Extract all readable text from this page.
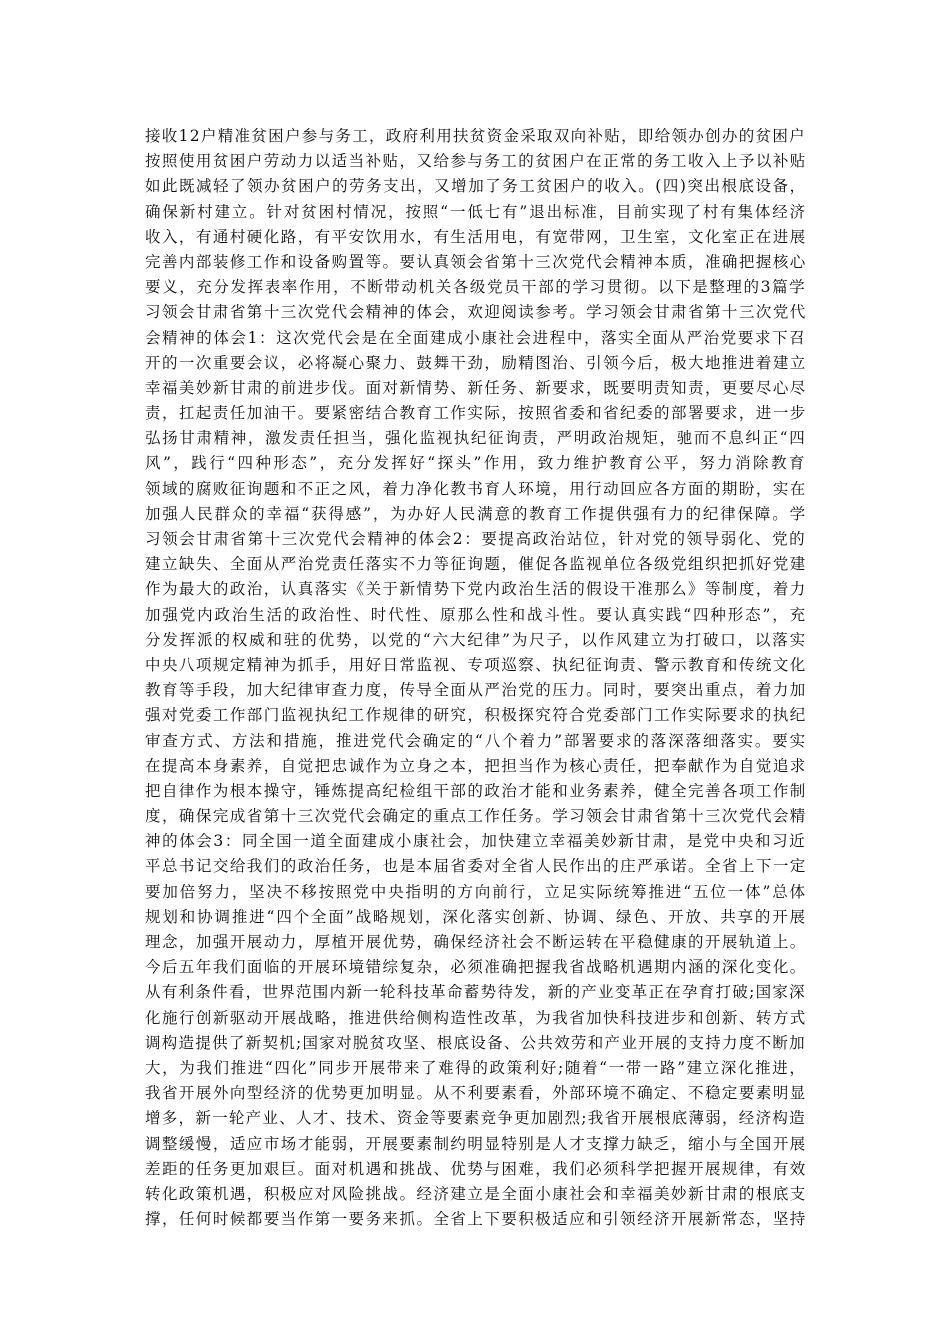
接收12户精准贫困户参与务工，政府利用扶贫资金采取双向补贴，即给领办创办的贫困户
按照使用贫困户劳动力以适当补贴，又给参与务工的贫困户在正常的务工收入上予以补贴
如此既减轻了领办贫困户的劳务支出，又增加了务工贫困户的收入。(四)突出根底设备，
确保新村建立。针对贫困村情况，按照“一低七有”退出标准，目前实现了村有集体经济
收入，有通村硬化路，有平安饮用水，有生活用电，有宽带网，卫生室，文化室正在进展
完善内部装修工作和设备购置等。要认真领会省第十三次党代会精神本质，准确把握核心
要义，充分发挥表率作用，不断带动机关各级党员干部的学习贯彻。以下是整理的3篇学
习领会甘肃省第十三次党代会精神的体会，欢迎阅读参考。学习领会甘肃省第十三次党代
会精神的体会1：这次党代会是在全面建成小康社会进程中，落实全面从严治党要求下召
开的一次重要会议，必将凝心聚力、鼓舞干劲，励精图治、引领今后，极大地推进着建立
幸福美妙新甘肃的前进步伐。面对新情势、新任务、新要求，既要明责知责，更要尽心尽
责，扛起责任加油干。要紧密结合教育工作实际，按照省委和省纪委的部署要求，进一步
弘扬甘肃精神，激发责任担当，强化监视执纪征询责，严明政治规矩，驰而不息纠正“四
风”，践行“四种形态”，充分发挥好“探头”作用，致力维护教育公平，努力消除教育
领域的腐败征询题和不正之风，着力净化教书育人环境，用行动回应各方面的期盼，实在
加强人民群众的幸福“获得感”，为办好人民满意的教育工作提供强有力的纪律保障。学
习领会甘肃省第十三次党代会精神的体会2：要提高政治站位，针对党的领导弱化、党的
建立缺失、全面从严治党责任落实不力等征询题，催促各监视单位各级党组织把抓好党建
作为最大的政治，认真落实《关于新情势下党内政治生活的假设干准那么》等制度，着力
加强党内政治生活的政治性、时代性、原那么性和战斗性。要认真实践“四种形态”，充
分发挥派的权威和驻的优势，以党的“六大纪律”为尺子，以作风建立为打破口，以落实
中央八项规定精神为抓手，用好日常监视、专项巡察、执纪征询责、警示教育和传统文化
教育等手段，加大纪律审查力度，传导全面从严治党的压力。同时，要突出重点，着力加
强对党委工作部门监视执纪工作规律的研究，积极探究符合党委部门工作实际要求的执纪
审查方式、方法和措施，推进党代会确定的“八个着力”部署要求的落深落细落实。要实
在提高本身素养，自觉把忠诚作为立身之本，把担当作为核心责任，把奉献作为自觉追求
把自律作为根本操守，锤炼提高纪检组干部的政治才能和业务素养，健全完善各项工作制
度，确保完成省第十三次党代会确定的重点工作任务。学习领会甘肃省第十三次党代会精
神的体会3：同全国一道全面建成小康社会，加快建立幸福美妙新甘肃，是党中央和习近
平总书记交给我们的政治任务，也是本届省委对全省人民作出的庄严承诺。全省上下一定
要加倍努力，坚决不移按照党中央指明的方向前行，立足实际统筹推进“五位一体”总体
规划和协调推进“四个全面”战略规划，深化落实创新、协调、绿色、开放、共享的开展
理念，加强开展动力，厚植开展优势，确保经济社会不断运转在平稳健康的开展轨道上。
今后五年我们面临的开展环境错综复杂，必须准确把握我省战略机遇期内涵的深化变化。
从有利条件看，世界范围内新一轮科技革命蓄势待发，新的产业变革正在孕育打破;国家深
化施行创新驱动开展战略，推进供给侧构造性改革，为我省加快科技进步和创新、转方式
调构造提供了新契机;国家对脱贫攻坚、根底设备、公共效劳和产业开展的支持力度不断加
大，为我们推进“四化”同步开展带来了难得的政策利好;随着“一带一路”建立深化推进，
我省开展外向型经济的优势更加明显。从不利要素看，外部环境不确定、不稳定要素明显
增多，新一轮产业、人才、技术、资金等要素竞争更加剧烈;我省开展根底薄弱，经济构造
调整缓慢，适应市场才能弱，开展要素制约明显特别是人才支撑力缺乏，缩小与全国开展
差距的任务更加艰巨。面对机遇和挑战、优势与困难，我们必须科学把握开展规律，有效
转化政策机遇，积极应对风险挑战。经济建立是全面小康社会和幸福美妙新甘肃的根底支
撑，任何时候都要当作第一要务来抓。全省上下要积极适应和引领经济开展新常态，坚持
